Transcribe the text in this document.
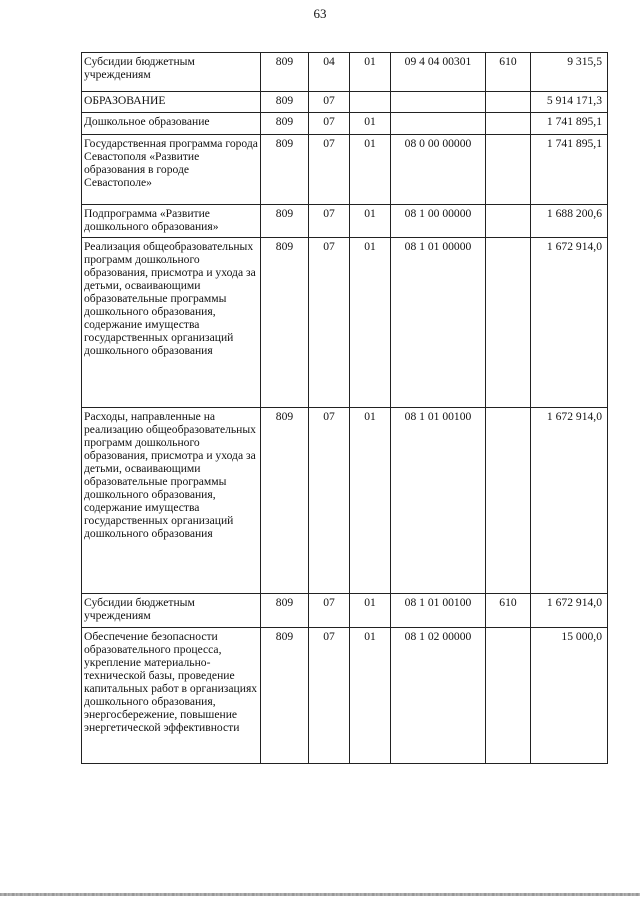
63
Субсидии бюджетным учреждениям	809	04	01	09 4 04 00301	610	9 315,5
ОБРАЗОВАНИЕ	809	07				5 914 171,3
Дошкольное образование	809	07	01			1 741 895,1
Государственная программа города Севастополя «Развитие образования в городе Севастополе»	809	07	01	08 0 00 00000		1 741 895,1
Подпрограмма «Развитие дошкольного образования»	809	07	01	08 1 00 00000		1 688 200,6
Реализация общеобразовательных программ дошкольного образования, присмотра и ухода за детьми, осваивающими образовательные программы дошкольного образования, содержание имущества государственных организаций дошкольного образования	809	07	01	08 1 01 00000		1 672 914,0
Расходы, направленные на реализацию общеобразовательных программ дошкольного образования, присмотра и ухода за детьми, осваивающими образовательные программы дошкольного образования, содержание имущества государственных организаций дошкольного образования	809	07	01	08 1 01 00100		1 672 914,0
Субсидии бюджетным учреждениям	809	07	01	08 1 01 00100	610	1 672 914,0
Обеспечение безопасности образовательного процесса, укрепление материально-технической базы, проведение капитальных работ в организациях дошкольного образования, энергосбережение, повышение энергетической эффективности	809	07	01	08 1 02 00000		15 000,0
